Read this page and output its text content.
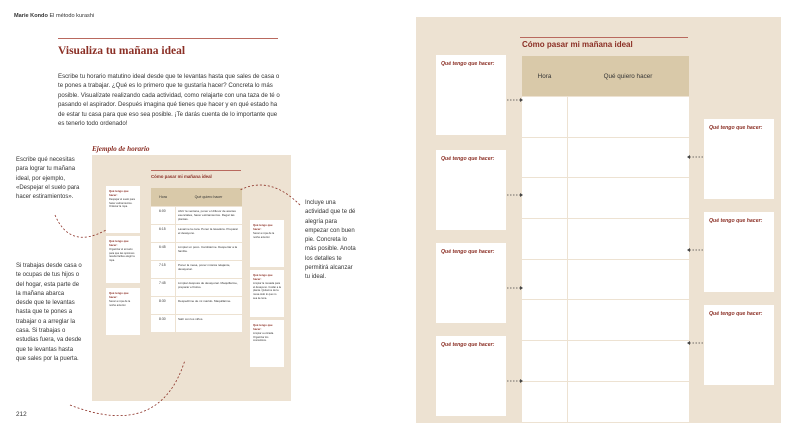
Marie Kondo El método kurashi
Visualiza tu mañana ideal
Escribe tu horario matutino ideal desde que te levantas hasta que sales de casa o te pones a trabajar. ¿Qué es lo primero que te gustaría hacer? Concreta lo más posible. Visualízate realizando cada actividad, como relajarte con una taza de té o pasando el aspirador. Después imagina qué tienes que hacer y en qué estado ha de estar tu casa para que eso sea posible. ¡Te darás cuenta de lo importante que es tenerlo todo ordenado!
Escribe qué necesitas para lograr tu mañana ideal, por ejemplo, «Despejar el suelo para hacer estiramientos».
Si trabajas desde casa o te ocupas de tus hijos o del hogar, esta parte de la mañana abarca desde que te levantas hasta que te pones a trabajar o a arreglar la casa. Si trabajas o estudias fuera, va desde que te levantas hasta que sales por la puerta.
Incluye una actividad que te dé alegría para empezar con buen pie. Concreta lo más posible. Anota los detalles te permitirá alcanzar tu ideal.
Ejemplo de horario
Cómo pasar mi mañana ideal
Hora	Qué quiero hacer
6:00	Abrir la ventana, poner el difusor de aceites esenciales, hacer estiramientos. Regar las plantas.
6:15	Lavarme la cara. Poner la lavadora. Preparar el desayuno.
6:45	Limpiar un poco. Cambiarme. Despertar a la familia.
7:15	Poner la mesa, poner música relajante, desayunar.
7:45	Limpiar después de desayunar. Maquillarme, preparar el bolso.
8:30	Despedirme de mi marido. Maquillarme.
8:30	Salir con los niños.
Qué tengo que hacer:
Despejar el suelo para hacer estiramientos. Ordenar la ropa.
Qué tengo que hacer:
Organizar el armario para que las opciones resulte fáciles elegir la ropa.
Qué tengo que hacer:
Secar a ropa de la noche anterior.
Qué tengo que hacer:
Secar a ropa de la noche anterior.
Qué tengo que hacer:
Limpiar la mesada para el desayuno. Cuidar a la planta. Quitarme de la mesa todo lo que no sea la cena.
Qué tengo que hacer:
Limpiar a entrada. Organizar los cosméticos.
212
Cómo pasar mi mañana ideal
Hora	Qué quiero hacer
Qué tengo que hacer:
Qué tengo que hacer:
Qué tengo que hacer:
Qué tengo que hacer:
Qué tengo que hacer:
Qué tengo que hacer:
Qué tengo que hacer:
